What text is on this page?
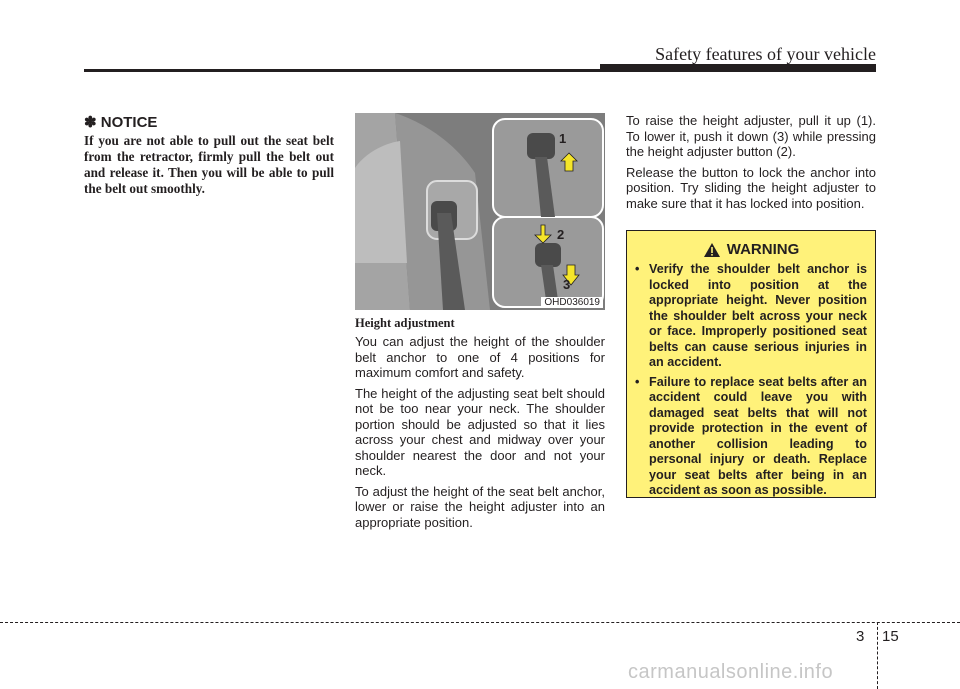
Safety features of your vehicle
✽ NOTICE

If you are not able to pull out the seat belt from the retractor, firmly pull the belt out and release it. Then you will be able to pull the belt out smoothly.

1
2
3
OHD036019
Height adjustment

You can adjust the height of the shoulder belt anchor to one of 4 positions for maximum comfort and safety.

The height of the adjusting seat belt should not be too near your neck. The shoulder portion should be adjusted so that it lies across your chest and midway over your shoulder nearest the door and not your neck.

To adjust the height of the seat belt anchor, lower or raise the height adjuster into an appropriate position.

To raise the height adjuster, pull it up (1). To lower it, push it down (3) while pressing the height adjuster button (2).

Release the button to lock the anchor into position. Try sliding the height adjuster to make sure that it has locked into position.

WARNING
• Verify the shoulder belt anchor is locked into position at the appropriate height. Never position the shoulder belt across your neck or face. Improperly positioned seat belts can cause serious injuries in an accident.
• Failure to replace seat belts after an accident could leave you with damaged seat belts that will not provide protection in the event of another collision leading to personal injury or death. Replace your seat belts after being in an accident as soon as possible.
3 15
carmanualsonline.info
